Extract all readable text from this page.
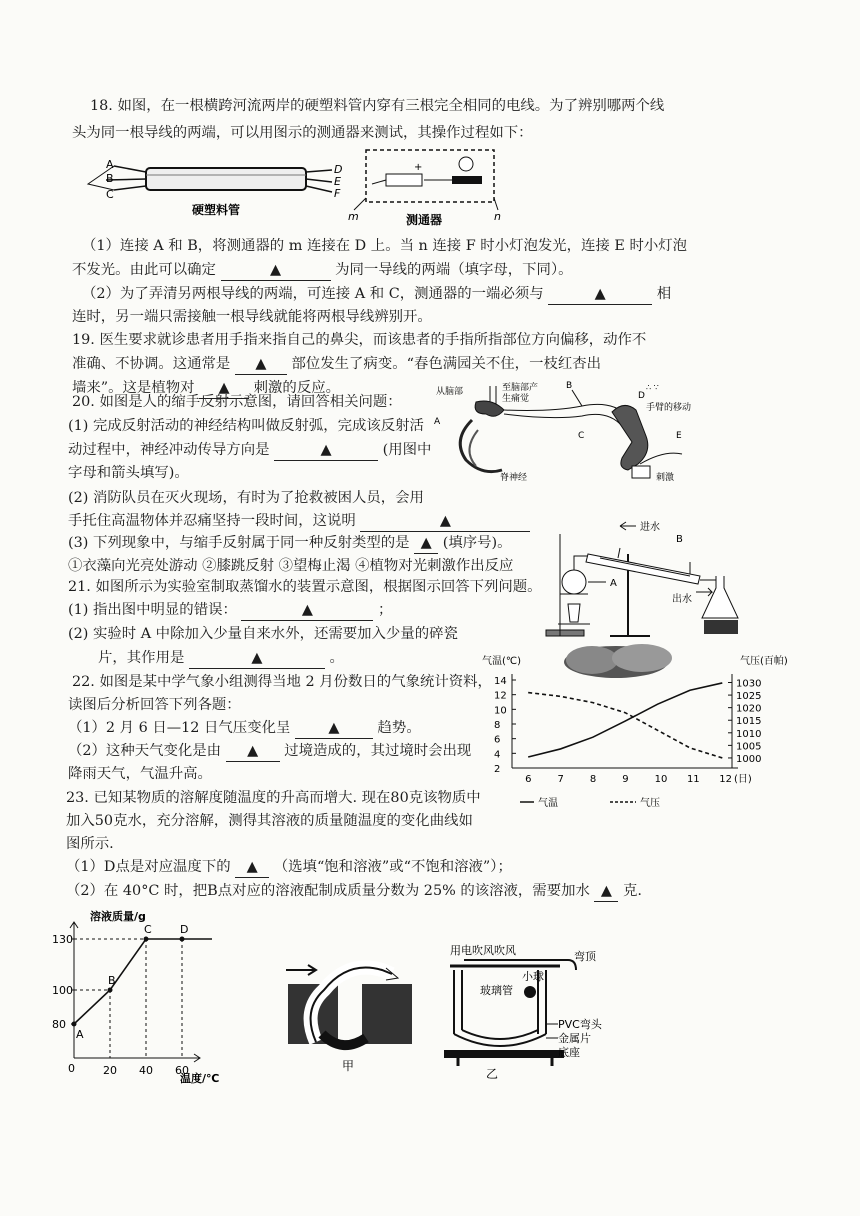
18. 如图，在一根横跨河流两岸的硬塑料管内穿有三根完全相同的电线。为了辨别哪两个线
头为同一根导线的两端，可以用图示的测通器来测试，其操作过程如下：
A
B
C
D
E
F
硬塑料管
+
m	n
测通器
（1）连接 A 和 B，将测通器的 m 连接在 D 上。当 n 连接 F 时小灯泡发光，连接 E 时小灯泡
不发光。由此可以确定	▲	为同一导线的两端（填字母，下同）。
（2）为了弄清另两根导线的两端，可连接 A 和 C，测通器的一端必须与	▲	相
连时，另一端只需接触一根导线就能将两根导线辨别开。
19. 医生要求就诊患者用手指来指自己的鼻尖，而该患者的手指所指部位方向偏移，动作不
准确、不协调。这通常是 ▲ 部位发生了病变。“春色满园关不住，一枝红杏出
墙来”。这是植物对 ▲ 刺激的反应。
20. 如图是人的缩手反射示意图，请回答相关问题：
(1) 完成反射活动的神经结构叫做反射弧，完成该反射活
动过程中，神经冲动传导方向是	▲	(用图中
字母和箭头填写)。
从脑部	至脑部产
生痛觉
A
B
C
D
∴ ∵
手臂的移动
E
刺激
脊神经
(2) 消防队员在灭火现场，有时为了抢救被困人员，会用
手托住高温物体并忍痛坚持一段时间，这说明	▲
(3) 下列现象中，与缩手反射属于同一种反射类型的是 ▲ (填序号)。
①衣藻向光亮处游动 ②膝跳反射 ③望梅止渴 ④植物对光刺激作出反应
21. 如图所示为实验室制取蒸馏水的装置示意图，根据图示回答下列问题。
(1) 指出图中明显的错误：	▲	；
(2) 实验时 A 中除加入少量自来水外，还需要加入少量的碎瓷
片，其作用是	▲	。
进水
B
A
出水
22. 如图是某中学气象小组测得当地 2 月份数日的气象统计资料，
读图后分析回答下列各题：
（1）2 月 6 日—12 日气压变化呈	▲	趋势。
（2）这种天气变化是由 ▲ 过境造成的，其过境时会出现
降雨天气，气温升高。
气温(℃)	气压(百帕)
2
4
6
8
10
12
14
1000
1005
1010
1015
1020
1025
1030
6	7	8	9	10 11 12 (日)
气温	气压
23. 已知某物质的溶解度随温度的升高而增大. 现在80克该物质中
加入50克水，充分溶解，测得其溶液的质量随温度的变化曲线如
图所示.
（1）D点是对应温度下的 ▲ （选填“饱和溶液”或“不饱和溶液”）；
（2）在 40°C 时，把B点对应的溶液配制成质量分数为 25% 的该溶液，需要加水 ▲ 克.
溶液质量/g
温度/℃
0
80
100
130
20 40 60
A
B
C	D
甲
用电吹风吹风	弯顶
小球
玻璃管
PVC弯头
金属片
底座
乙
